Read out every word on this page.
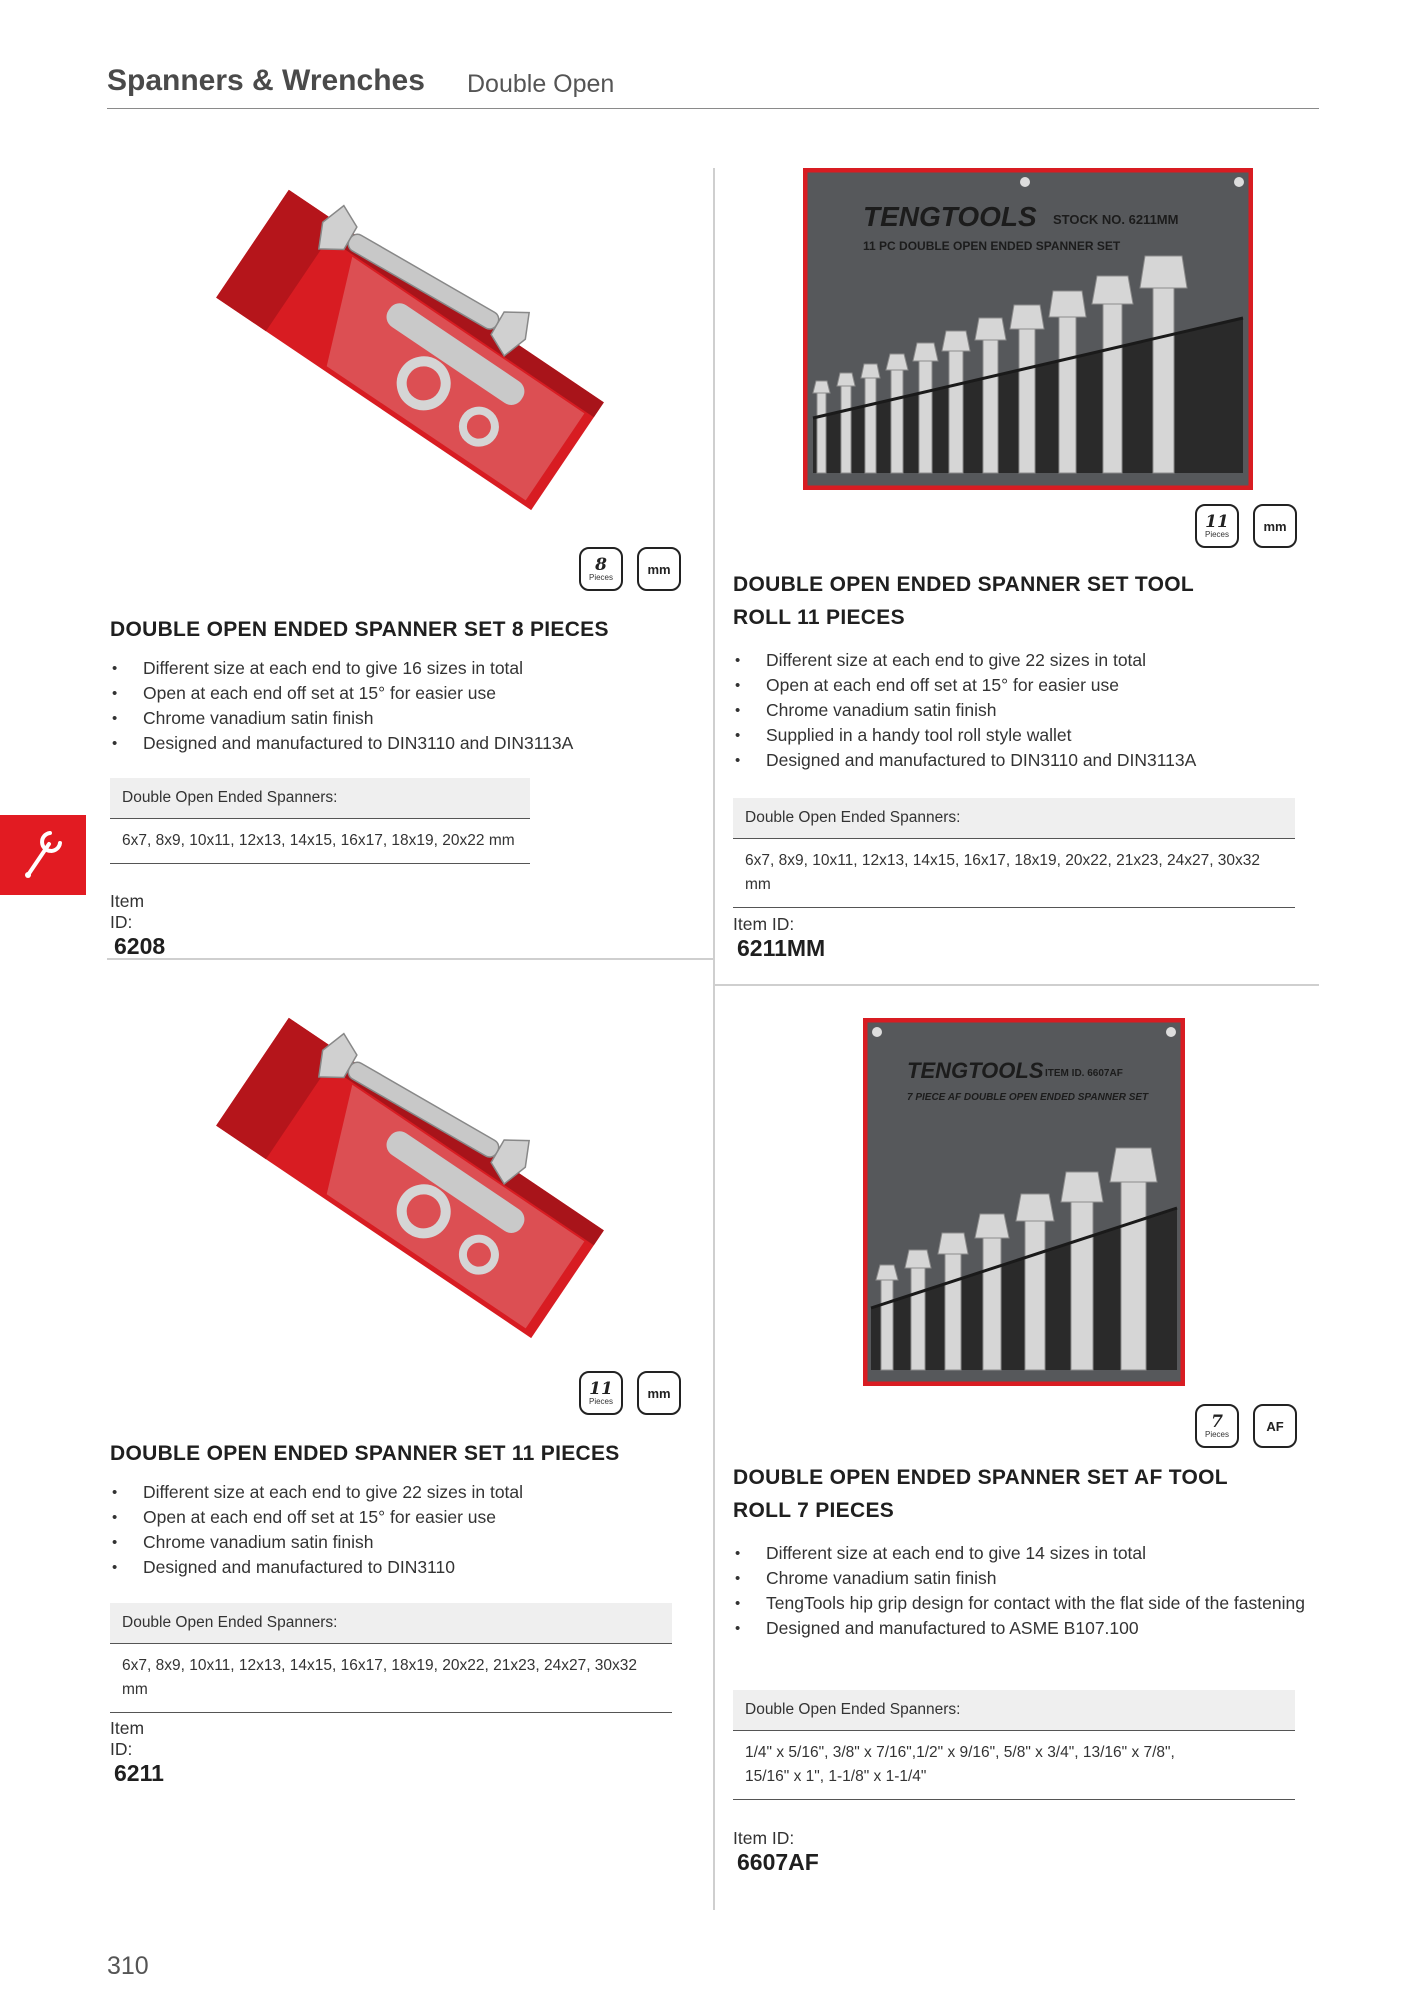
Spanners & Wrenches Double Open
8
Pieces
mm
DOUBLE OPEN ENDED SPANNER SET 8 PIECES
• Different size at each end to give 16 sizes in total
• Open at each end off set at 15° for easier use
• Chrome vanadium satin finish
• Designed and manufactured to DIN3110 and DIN3113A
Double Open Ended Spanners:
6x7, 8x9, 10x11, 12x13, 14x15, 16x17, 18x19, 20x22 mm
Item ID: 6208
TENGTOOLS STOCK NO. 6211MM
11 PC DOUBLE OPEN ENDED SPANNER SET
11
Pieces
mm
DOUBLE OPEN ENDED SPANNER SET TOOL ROLL 11 PIECES
• Different size at each end to give 22 sizes in total
• Open at each end off set at 15° for easier use
• Chrome vanadium satin finish
• Supplied in a handy tool roll style wallet
• Designed and manufactured to DIN3110 and DIN3113A
Double Open Ended Spanners:
6x7, 8x9, 10x11, 12x13, 14x15, 16x17, 18x19, 20x22, 21x23, 24x27, 30x32 mm
Item ID: 6211MM
11
Pieces
mm
DOUBLE OPEN ENDED SPANNER SET 11 PIECES
• Different size at each end to give 22 sizes in total
• Open at each end off set at 15° for easier use
• Chrome vanadium satin finish
• Designed and manufactured to DIN3110
Double Open Ended Spanners:
6x7, 8x9, 10x11, 12x13, 14x15, 16x17, 18x19, 20x22, 21x23, 24x27, 30x32 mm
Item ID: 6211
TENGTOOLS ITEM ID. 6607AF
7 PIECE AF DOUBLE OPEN ENDED SPANNER SET
7
Pieces
AF
DOUBLE OPEN ENDED SPANNER SET AF TOOL ROLL 7 PIECES
• Different size at each end to give 14 sizes in total
• Chrome vanadium satin finish
• TengTools hip grip design for contact with the flat side of the fastening
• Designed and manufactured to ASME B107.100
Double Open Ended Spanners:
1/4" x 5/16", 3/8" x 7/16",1/2" x 9/16", 5/8" x 3/4", 13/16" x 7/8", 15/16" x 1", 1-1/8" x 1-1/4"
Item ID: 6607AF
310
